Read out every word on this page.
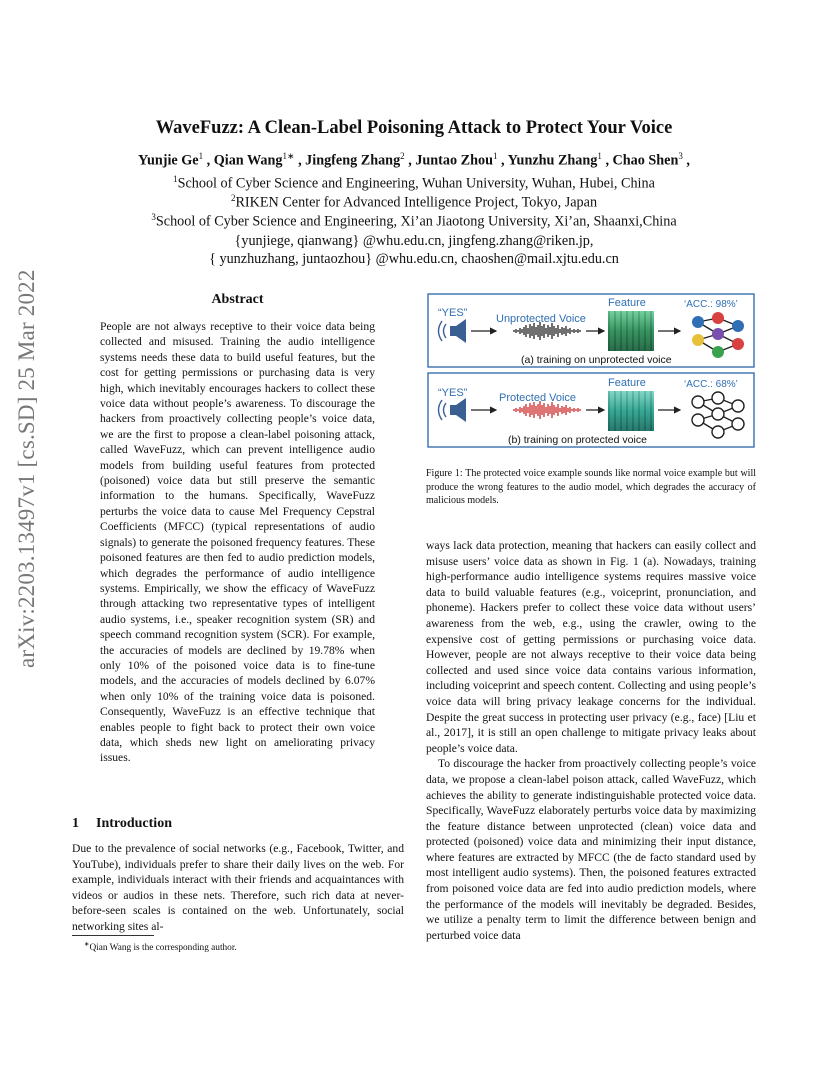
arXiv:2203.13497v1 [cs.SD] 25 Mar 2022
WaveFuzz: A Clean-Label Poisoning Attack to Protect Your Voice
Yunjie Ge$^1$ , Qian Wang$^{1∗}$ , Jingfeng Zhang$^2$ , Juntao Zhou$^1$ , Yunzhu Zhang$^1$ , Chao Shen$^3$ ,
$^1$School of Cyber Science and Engineering, Wuhan University, Wuhan, Hubei, China
$^2$RIKEN Center for Advanced Intelligence Project, Tokyo, Japan
$^3$School of Cyber Science and Engineering, Xi’an Jiaotong University, Xi’an, Shaanxi,China
{yunjiege, qianwang} @whu.edu.cn, jingfeng.zhang@riken.jp,
{ yunzhuzhang, juntaozhou} @whu.edu.cn, chaoshen@mail.xjtu.edu.cn
Abstract
People are not always receptive to their voice data being collected and misused. Training the audio intelligence systems needs these data to build useful features, but the cost for getting permissions or purchasing data is very high, which inevitably encourages hackers to collect these voice data without people’s awareness. To discourage the hackers from proactively collecting people’s voice data, we are the first to propose a clean-label poisoning attack, called WaveFuzz, which can prevent intelligence audio models from building useful features from protected (poisoned) voice data but still preserve the semantic information to the humans. Specifically, WaveFuzz perturbs the voice data to cause Mel Frequency Cepstral Coefficients (MFCC) (typical representations of audio signals) to generate the poisoned frequency features. These poisoned features are then fed to audio prediction models, which degrades the performance of audio intelligence systems. Empirically, we show the efficacy of WaveFuzz through attacking two representative types of intelligent audio systems, i.e., speaker recognition system (SR) and speech command recognition system (SCR). For example, the accuracies of models are declined by 19.78% when only 10% of the poisoned voice data is to fine-tune models, and the accuracies of models declined by 6.07% when only 10% of the training voice data is poisoned. Consequently, WaveFuzz is an effective technique that enables people to fight back to protect their own voice data, which sheds new light on ameliorating privacy issues.
1 Introduction
Due to the prevalence of social networks (e.g., Facebook, Twitter, and YouTube), individuals prefer to share their daily lives on the web. For example, individuals interact with their friends and acquaintances with videos or audios in these nets. Therefore, such rich data at never-before-seen scales is contained on the web. Unfortunately, social networking sites al-
∗Qian Wang is the corresponding author.
“YES”	Unprotected Voice
Feature	‘ACC.: 98%’
(a) training on unprotected voice
“YES”	Protected Voice
Feature	‘ACC.: 68%’
(b) training on protected voice
Figure 1: The protected voice example sounds like normal voice example but will produce the wrong features to the audio model, which degrades the accuracy of malicious models.

ways lack data protection, meaning that hackers can easily collect and misuse users’ voice data as shown in Fig. 1 (a). Nowadays, training high-performance audio intelligence systems requires massive voice data to build valuable features (e.g., voiceprint, pronunciation, and phoneme). Hackers prefer to collect these voice data without users’ awareness from the web, e.g., using the crawler, owing to the expensive cost of getting permissions or purchasing voice data. However, people are not always receptive to their voice data being collected and used since voice data contains various information, including voiceprint and speech content. Collecting and using people’s voice data will bring privacy leakage concerns for the individual. Despite the great success in protecting user privacy (e.g., face) [Liu et al., 2017], it is still an open challenge to mitigate privacy leaks about people’s voice data.

To discourage the hacker from proactively collecting people’s voice data, we propose a clean-label poison attack, called WaveFuzz, which achieves the ability to generate indistinguishable protected voice data. Specifically, WaveFuzz elaborately perturbs voice data by maximizing the feature distance between unprotected (clean) voice data and protected (poisoned) voice data and minimizing their input distance, where features are extracted by MFCC (the de facto standard used by most intelligent audio systems). Then, the poisoned features extracted from poisoned voice data are fed into audio prediction models, where the performance of the models will inevitably be degraded. Besides, we utilize a penalty term to limit the difference between benign and perturbed voice data
